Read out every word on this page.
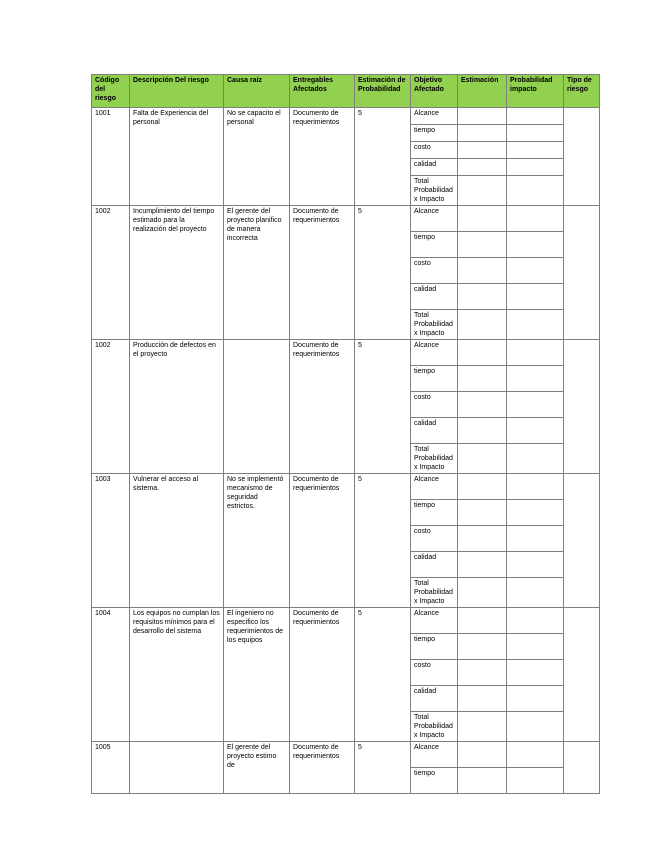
Código del riesgo	Descripción Del riesgo	Causa raíz	Entregables Afectados	Estimación de Probabilidad	Objetivo Afectado	Estimación	Probabilidad impacto	Tipo de riesgo
1001	Falta de Experiencia del personal	No se capacito el personal	Documento de requerimientos	5	Alcance			
					tiempo			
					costo			
					calidad			
					Total Probabilidad x Impacto			
1002	Incumplimiento del tiempo estimado para la realización del proyecto	El gerente del proyecto planifico de manera incorrecta	Documento de requerimientos	5	Alcance			
					tiempo			
					costo			
					calidad			
					Total Probabilidad x Impacto			
1002	Producción de defectos en el proyecto		Documento de requerimientos	5	Alcance			
					tiempo			
					costo			
					calidad			
					Total Probabilidad x Impacto			
1003	Vulnerar el acceso al sistema.	No se implementó mecanismo de seguridad estrictos.	Documento de requerimientos	5	Alcance			
					tiempo			
					costo			
					calidad			
					Total Probabilidad x Impacto			
1004	Los equipos no cumplan los requisitos mínimos para el desarrollo del sistema	El ingeniero no especifico los requerimientos de los equipos	Documento de requerimientos	5	Alcance			
					tiempo			
					costo			
					calidad			
					Total Probabilidad x Impacto			
1005		El gerente del proyecto estimo de	Documento de requerimientos	5	Alcance			
					tiempo			
